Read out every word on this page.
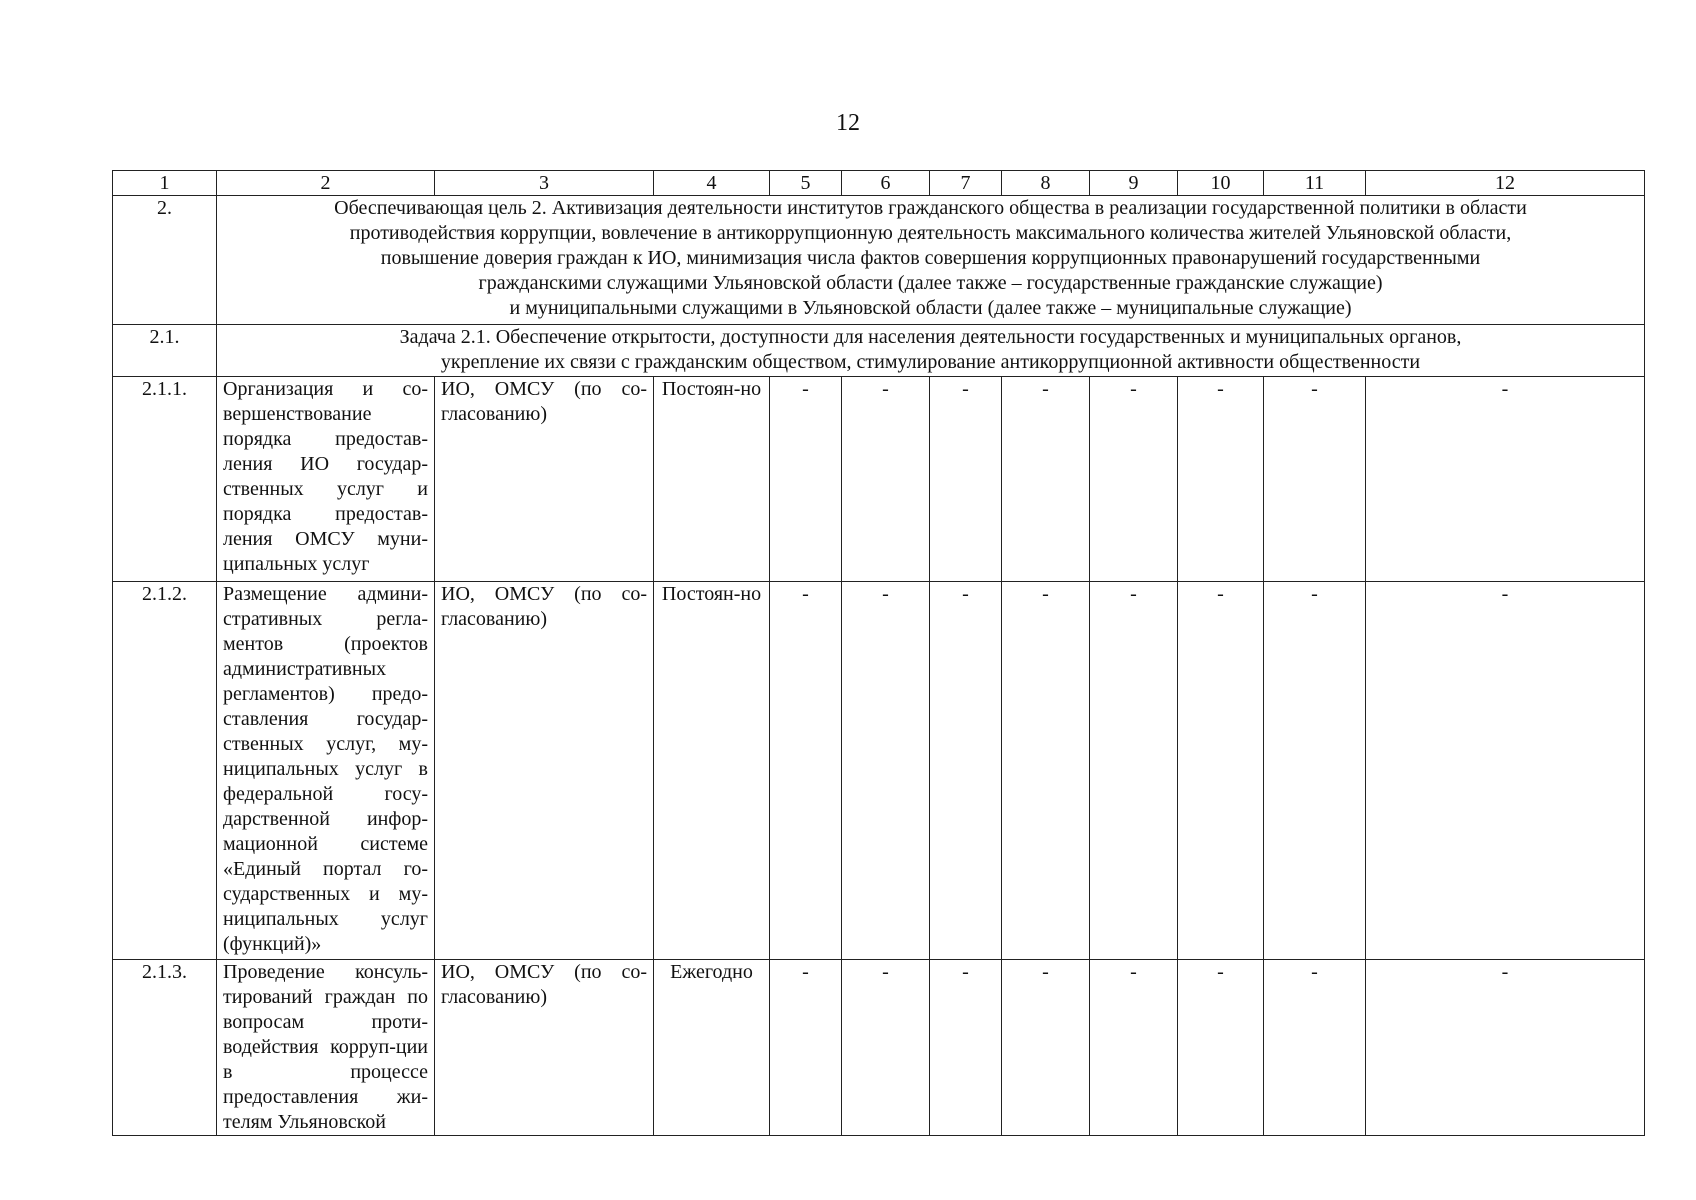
12
1	2	3	4	5	6	7	8	9	10	11	12
2.	Обеспечивающая цель 2. Активизация деятельности институтов гражданского общества в реализации государственной политики в области
противодействия коррупции, вовлечение в антикоррупционную деятельность максимального количества жителей Ульяновской области,
повышение доверия граждан к ИО, минимизация числа фактов совершения коррупционных правонарушений государственными
гражданскими служащими Ульяновской области (далее также – государственные гражданские служащие)
и муниципальными служащими в Ульяновской области (далее также – муниципальные служащие)										

2.1.	Задача 2.1. Обеспечение открытости, доступности для населения деятельности государственных и муниципальных органов,
укрепление их связи с гражданским обществом, стимулирование антикоррупционной активности общественности										

2.1.1.	Организация и со-вершенствование порядка предостав-ления ИО государ-ственных услуг и порядка предостав-ления ОМСУ муни-ципальных услуг	ИО, ОМСУ (по со-гласованию)	Постоян-но	-	-	-	-	-	-	-	-
2.1.2.	Размещение админи-стративных регла-ментов (проектов административных регламентов) предо-ставления государ-ственных услуг, му-ниципальных услуг в федеральной госу-дарственной инфор-мационной системе «Единый портал го-сударственных и му-ниципальных услуг (функций)»	ИО, ОМСУ (по со-гласованию)	Постоян-но	-	-	-	-	-	-	-	-
2.1.3.	Проведение консуль-тирований граждан по вопросам проти-водействия корруп-ции в процессе предоставления жи-телям Ульяновской	ИО, ОМСУ (по со-гласованию)	Ежегодно	-	-	-	-	-	-	-	-
